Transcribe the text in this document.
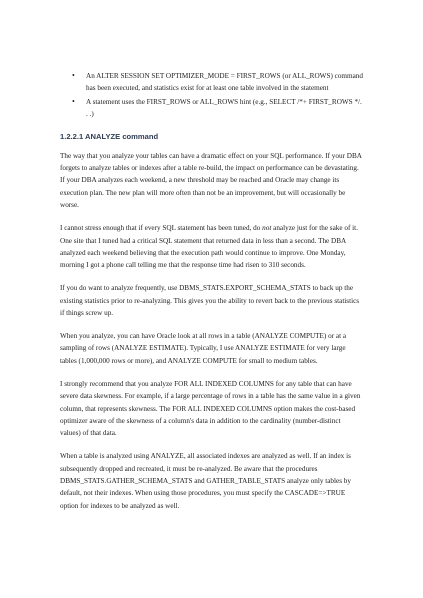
• An ALTER SESSION SET OPTIMIZER_MODE = FIRST_ROWS (or ALL_ROWS) command has been executed, and statistics exist for at least one table involved in the statement
• A statement uses the FIRST_ROWS or ALL_ROWS hint (e.g., SELECT /*+ FIRST_ROWS */. . .)
1.2.2.1 ANALYZE command

The way that you analyze your tables can have a dramatic effect on your SQL performance. If your DBA forgets to analyze tables or indexes after a table re-build, the impact on performance can be devastating. If your DBA analyzes each weekend, a new threshold may be reached and Oracle may change its execution plan. The new plan will more often than not be an improvement, but will occasionally be worse.

I cannot stress enough that if every SQL statement has been tuned, do not analyze just for the sake of it. One site that I tuned had a critical SQL statement that returned data in less than a second. The DBA analyzed each weekend believing that the execution path would continue to improve. One Monday, morning I got a phone call telling me that the response time had risen to 310 seconds.

If you do want to analyze frequently, use DBMS_STATS.EXPORT_SCHEMA_STATS to back up the existing statistics prior to re-analyzing. This gives you the ability to revert back to the previous statistics if things screw up.

When you analyze, you can have Oracle look at all rows in a table (ANALYZE COMPUTE) or at a sampling of rows (ANALYZE ESTIMATE). Typically, I use ANALYZE ESTIMATE for very large tables (1,000,000 rows or more), and ANALYZE COMPUTE for small to medium tables.

I strongly recommend that you analyze FOR ALL INDEXED COLUMNS for any table that can have severe data skewness. For example, if a large percentage of rows in a table has the same value in a given column, that represents skewness. The FOR ALL INDEXED COLUMNS option makes the cost-based optimizer aware of the skewness of a column's data in addition to the cardinality (number-distinct values) of that data.

When a table is analyzed using ANALYZE, all associated indexes are analyzed as well. If an index is subsequently dropped and recreated, it must be re-analyzed. Be aware that the procedures DBMS_STATS.GATHER_SCHEMA_STATS and GATHER_TABLE_STATS analyze only tables by default, not their indexes. When using those procedures, you must specify the CASCADE=>TRUE option for indexes to be analyzed as well.
